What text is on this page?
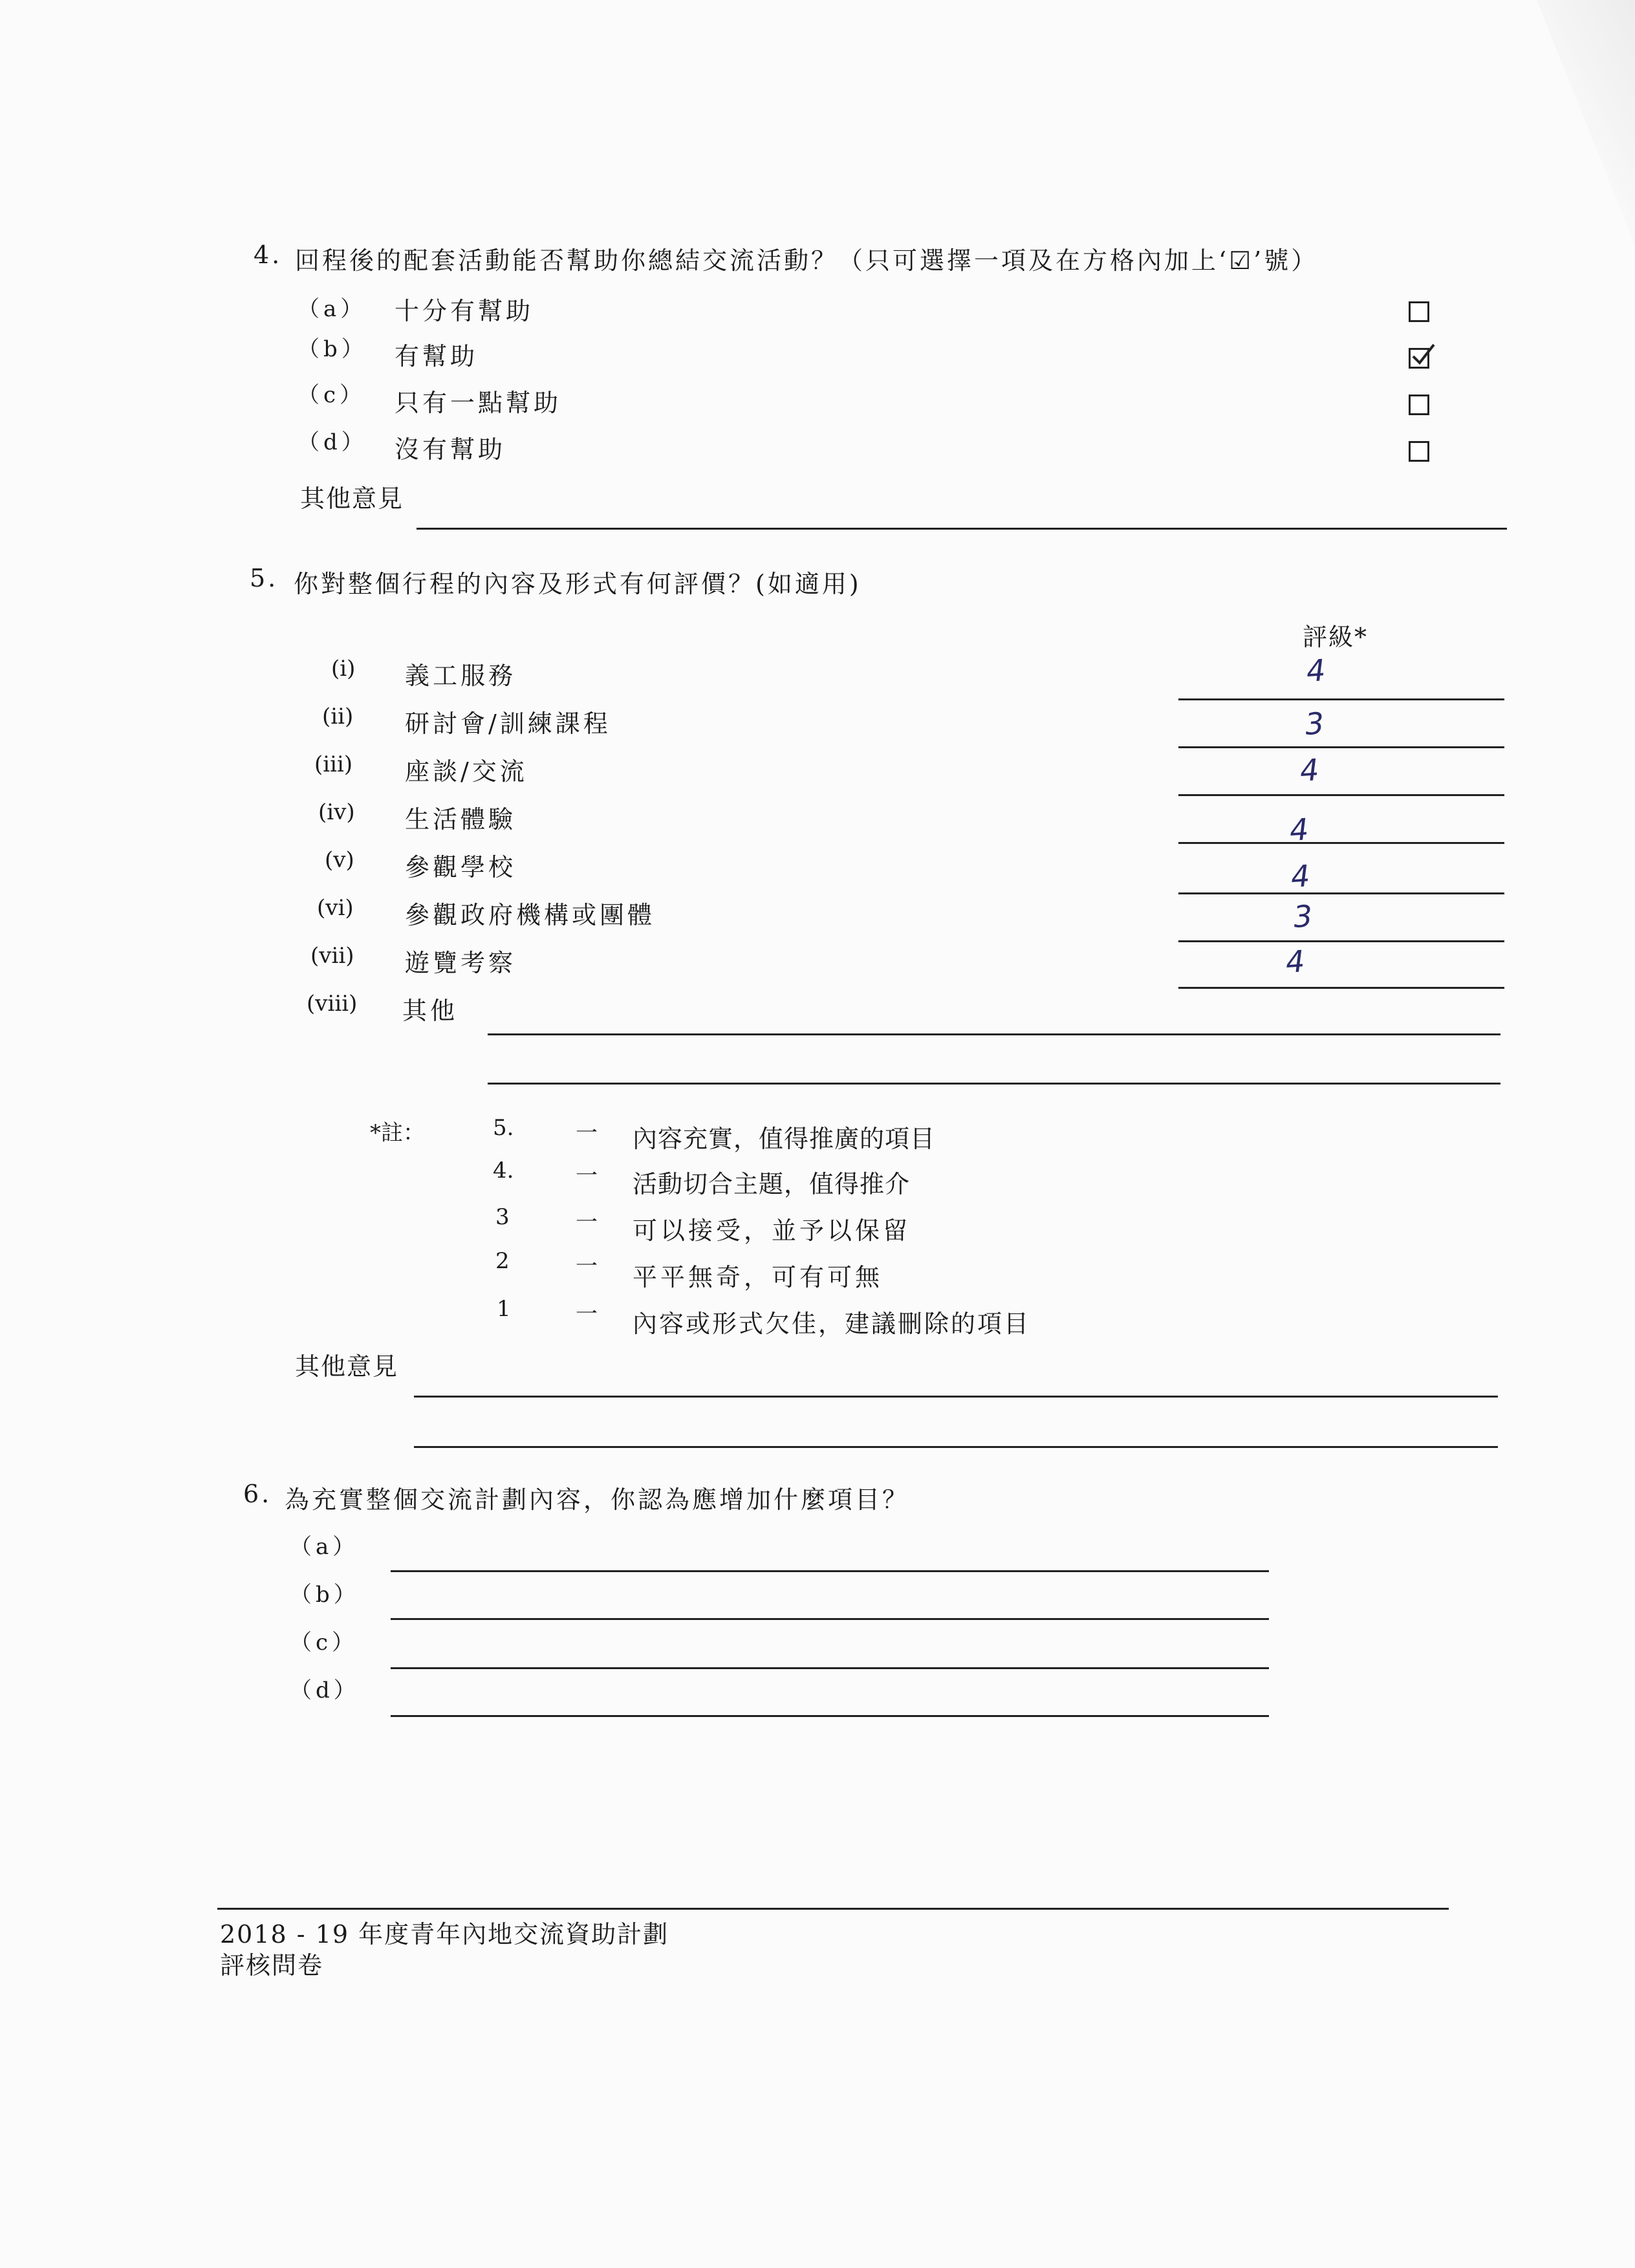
4. 回程後的配套活動能否幫助你總結交流活動？（只可選擇一項及在方格內加上‘☑’號）
（a） 十分有幫助
（b） 有幫助
（c） 只有一點幫助
（d） 沒有幫助
其他意見
5. 你對整個行程的內容及形式有何評價？(如適用)
評級*
(i) 義工服務	4
(ii) 研討會/訓練課程	3
(iii) 座談/交流	4
(iv) 生活體驗	4
(v) 參觀學校	4
(vi) 參觀政府機構或團體	3
(vii) 遊覽考察	4
(viii) 其他
*註：	5.	一 內容充實，值得推廣的項目
4.	一 活動切合主題，值得推介
3	一 可以接受，並予以保留
2	一 平平無奇，可有可無
1	一 內容或形式欠佳，建議刪除的項目
其他意見
6. 為充實整個交流計劃內容，你認為應增加什麼項目？
（a）
（b）
（c）
（d）
2018 - 19 年度青年內地交流資助計劃
評核問卷
